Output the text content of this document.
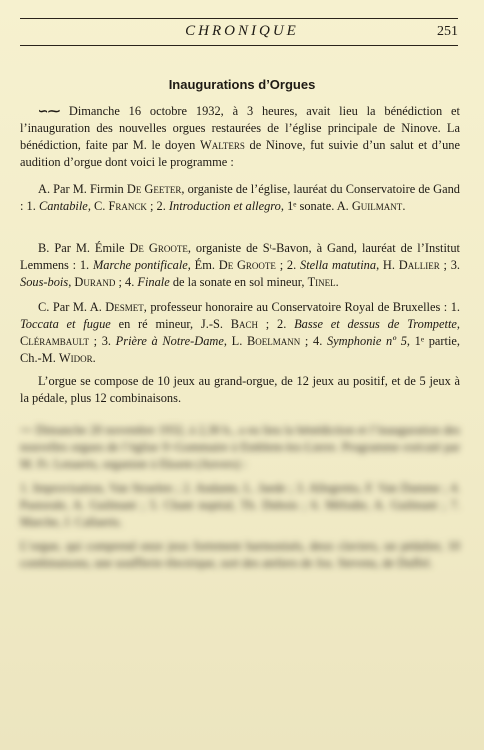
CHRONIQUE	251
Inaugurations d’Orgues
∽⁓ Dimanche 16 octobre 1932, à 3 heures, avait lieu la bénédiction et l’inauguration des nouvelles orgues restaurées de l’église principale de Ninove. La bénédiction, faite par M. le doyen Walters de Ninove, fut suivie d’un salut et d’une audition d’orgue dont voici le programme :
A. Par M. Firmin De Geeter, organiste de l’église, lauréat du Conservatoire de Gand : 1. Cantabile, C. Franck ; 2. Introduction et allegro, 1ᵉ sonate. A. Guilmant.
B. Par M. Émile De Groote, organiste de Sᵗ-Bavon, à Gand, lauréat de l’Institut Lemmens : 1. Marche pontificale, Ém. De Groote ; 2. Stella matutina, H. Dallier ; 3. Sous-bois, Durand ; 4. Finale de la sonate en sol mineur, Tinel.
C. Par M. A. Desmet, professeur honoraire au Conservatoire Royal de Bruxelles : 1. Toccata et fugue en ré mineur, J.-S. Bach ; 2. Basse et dessus de Trompette, Clérambault ; 3. Prière à Notre-Dame, L. Boelmann ; 4. Symphonie nº 5, 1ᵉ partie, Ch.-M. Widor.
L’orgue se compose de 10 jeux au grand-orgue, de 12 jeux au positif, et de 5 jeux à la pédale, plus 12 combinaisons.
⁓ Dimanche 20 novembre 1932, à 2,30 h., a eu lieu la bénédiction et l’inauguration des nouvelles orgues de l’église Sᵗ-Gommaire à Emblem-lez-Lierre. Programme exécuté par M. Fr. Lenaerts, organiste à Eksem (Anvers) :
1. Improvisation, Van Straelen ; 2. Andante, L. Jaede ; 3. Allegretto, F. Van Damme ; 4. Pastorale, A. Guilmant ; 5. Chant nuptial, Th. Dubois ; 6. Mélodie, A. Guilmant ; 7. Marche, J. Callaerts.
L’orgue, qui comprend onze jeux fortement harmonisés, deux claviers, un pédalier, 10 combinaisons, une soufflerie électrique, sort des ateliers de Jos. Stevens, de Duffel.
